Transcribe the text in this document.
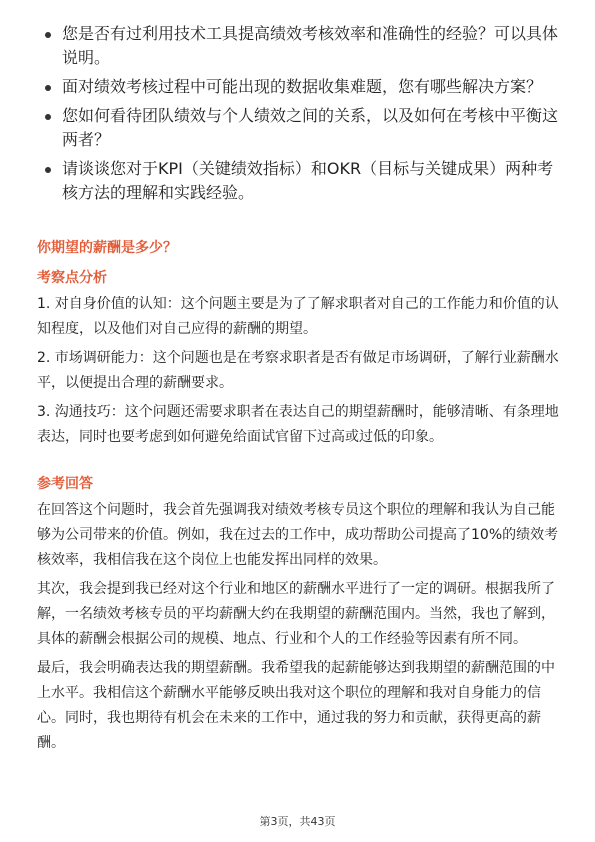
您是否有过利用技术工具提高绩效考核效率和准确性的经验？可以具体说明。
面对绩效考核过程中可能出现的数据收集难题，您有哪些解决方案？
您如何看待团队绩效与个人绩效之间的关系，以及如何在考核中平衡这两者？
请谈谈您对于KPI（关键绩效指标）和OKR（目标与关键成果）两种考核方法的理解和实践经验。
你期望的薪酬是多少？
考察点分析

1. 对自身价值的认知：这个问题主要是为了了解求职者对自己的工作能力和价值的认知程度，以及他们对自己应得的薪酬的期望。

2. 市场调研能力：这个问题也是在考察求职者是否有做足市场调研，了解行业薪酬水平，以便提出合理的薪酬要求。

3. 沟通技巧：这个问题还需要求职者在表达自己的期望薪酬时，能够清晰、有条理地表达，同时也要考虑到如何避免给面试官留下过高或过低的印象。

参考回答

在回答这个问题时，我会首先强调我对绩效考核专员这个职位的理解和我认为自己能够为公司带来的价值。例如，我在过去的工作中，成功帮助公司提高了10%的绩效考核效率，我相信我在这个岗位上也能发挥出同样的效果。

其次，我会提到我已经对这个行业和地区的薪酬水平进行了一定的调研。根据我所了解，一名绩效考核专员的平均薪酬大约在我期望的薪酬范围内。当然，我也了解到，具体的薪酬会根据公司的规模、地点、行业和个人的工作经验等因素有所不同。

最后，我会明确表达我的期望薪酬。我希望我的起薪能够达到我期望的薪酬范围的中上水平。我相信这个薪酬水平能够反映出我对这个职位的理解和我对自身能力的信心。同时，我也期待有机会在未来的工作中，通过我的努力和贡献，获得更高的薪酬。

第3页，共43页
